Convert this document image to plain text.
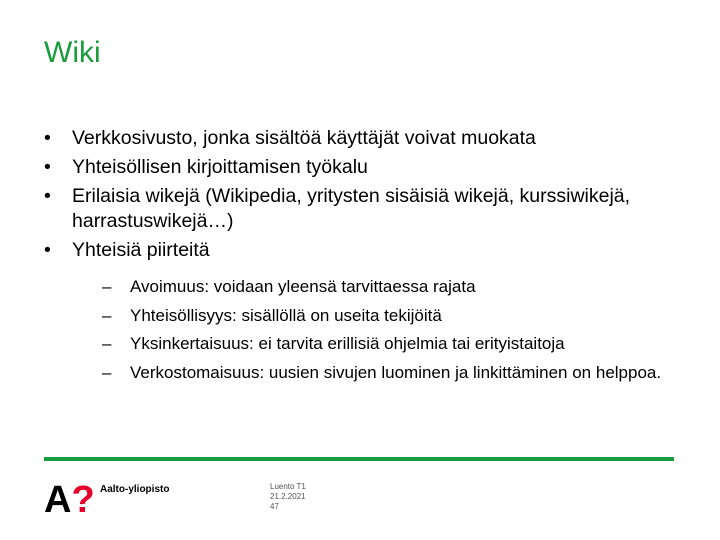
Wiki
•	Verkkosivusto, jonka sisältöä käyttäjät voivat muokata
•	Yhteisöllisen kirjoittamisen työkalu
•	Erilaisia wikejä (Wikipedia, yritysten sisäisiä wikejä, kurssiwikejä, harrastuswikejä…)
•	Yhteisiä piirteitä
– Avoimuus: voidaan yleensä tarvittaessa rajata
– Yhteisöllisyys: sisällöllä on useita tekijöitä
– Yksinkertaisuus: ei tarvita erillisiä ohjelmia tai erityistaitoja
– Verkostomaisuus: uusien sivujen luominen ja linkittäminen on helppoa.
A? Aalto-yliopisto	Luento T1
21.2.2021
47
